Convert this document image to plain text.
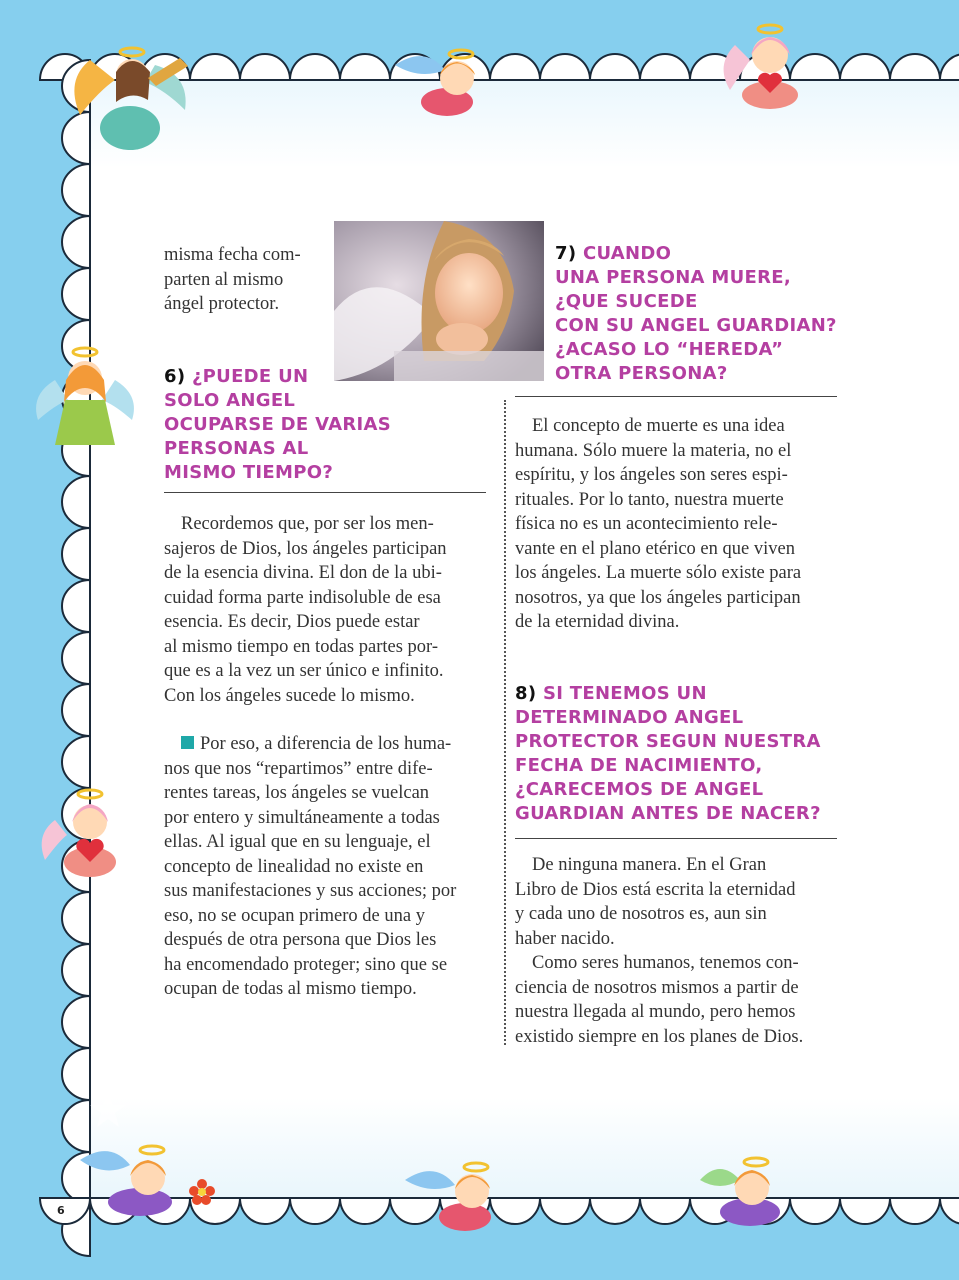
misma fecha com-

parten al mismo

ángel protector.

6) ¿PUEDE UN
SOLO ANGEL
OCUPARSE DE VARIAS
PERSONAS AL
MISMO TIEMPO?

Recordemos que, por ser los men-

sajeros de Dios, los ángeles participan

de la esencia divina. El don de la ubi-

cuidad forma parte indisoluble de esa

esencia. Es decir, Dios puede estar

al mismo tiempo en todas partes por-

que es a la vez un ser único e infinito.

Con los ángeles sucede lo mismo.

Por eso, a diferencia de los huma-

nos que nos “repartimos” entre dife-

rentes tareas, los ángeles se vuelcan

por entero y simultáneamente a todas

ellas. Al igual que en su lenguaje, el

concepto de linealidad no existe en

sus manifestaciones y sus acciones; por

eso, no se ocupan primero de una y

después de otra persona que Dios les

ha encomendado proteger; sino que se

ocupan de todas al mismo tiempo.

7) CUANDO
UNA PERSONA MUERE,
¿QUE SUCEDE
CON SU ANGEL GUARDIAN?
¿ACASO LO “HEREDA”
OTRA PERSONA?

El concepto de muerte es una idea

humana. Sólo muere la materia, no el

espíritu, y los ángeles son seres espi-

rituales. Por lo tanto, nuestra muerte

física no es un acontecimiento rele-

vante en el plano etérico en que viven

los ángeles. La muerte sólo existe para

nosotros, ya que los ángeles participan

de la eternidad divina.

8) SI TENEMOS UN
DETERMINADO ANGEL
PROTECTOR SEGUN NUESTRA
FECHA DE NACIMIENTO,
¿CARECEMOS DE ANGEL
GUARDIAN ANTES DE NACER?

De ninguna manera. En el Gran

Libro de Dios está escrita la eternidad

y cada uno de nosotros es, aun sin

haber nacido.

Como seres humanos, tenemos con-

ciencia de nosotros mismos a partir de

nuestra llegada al mundo, pero hemos

existido siempre en los planes de Dios.

6
